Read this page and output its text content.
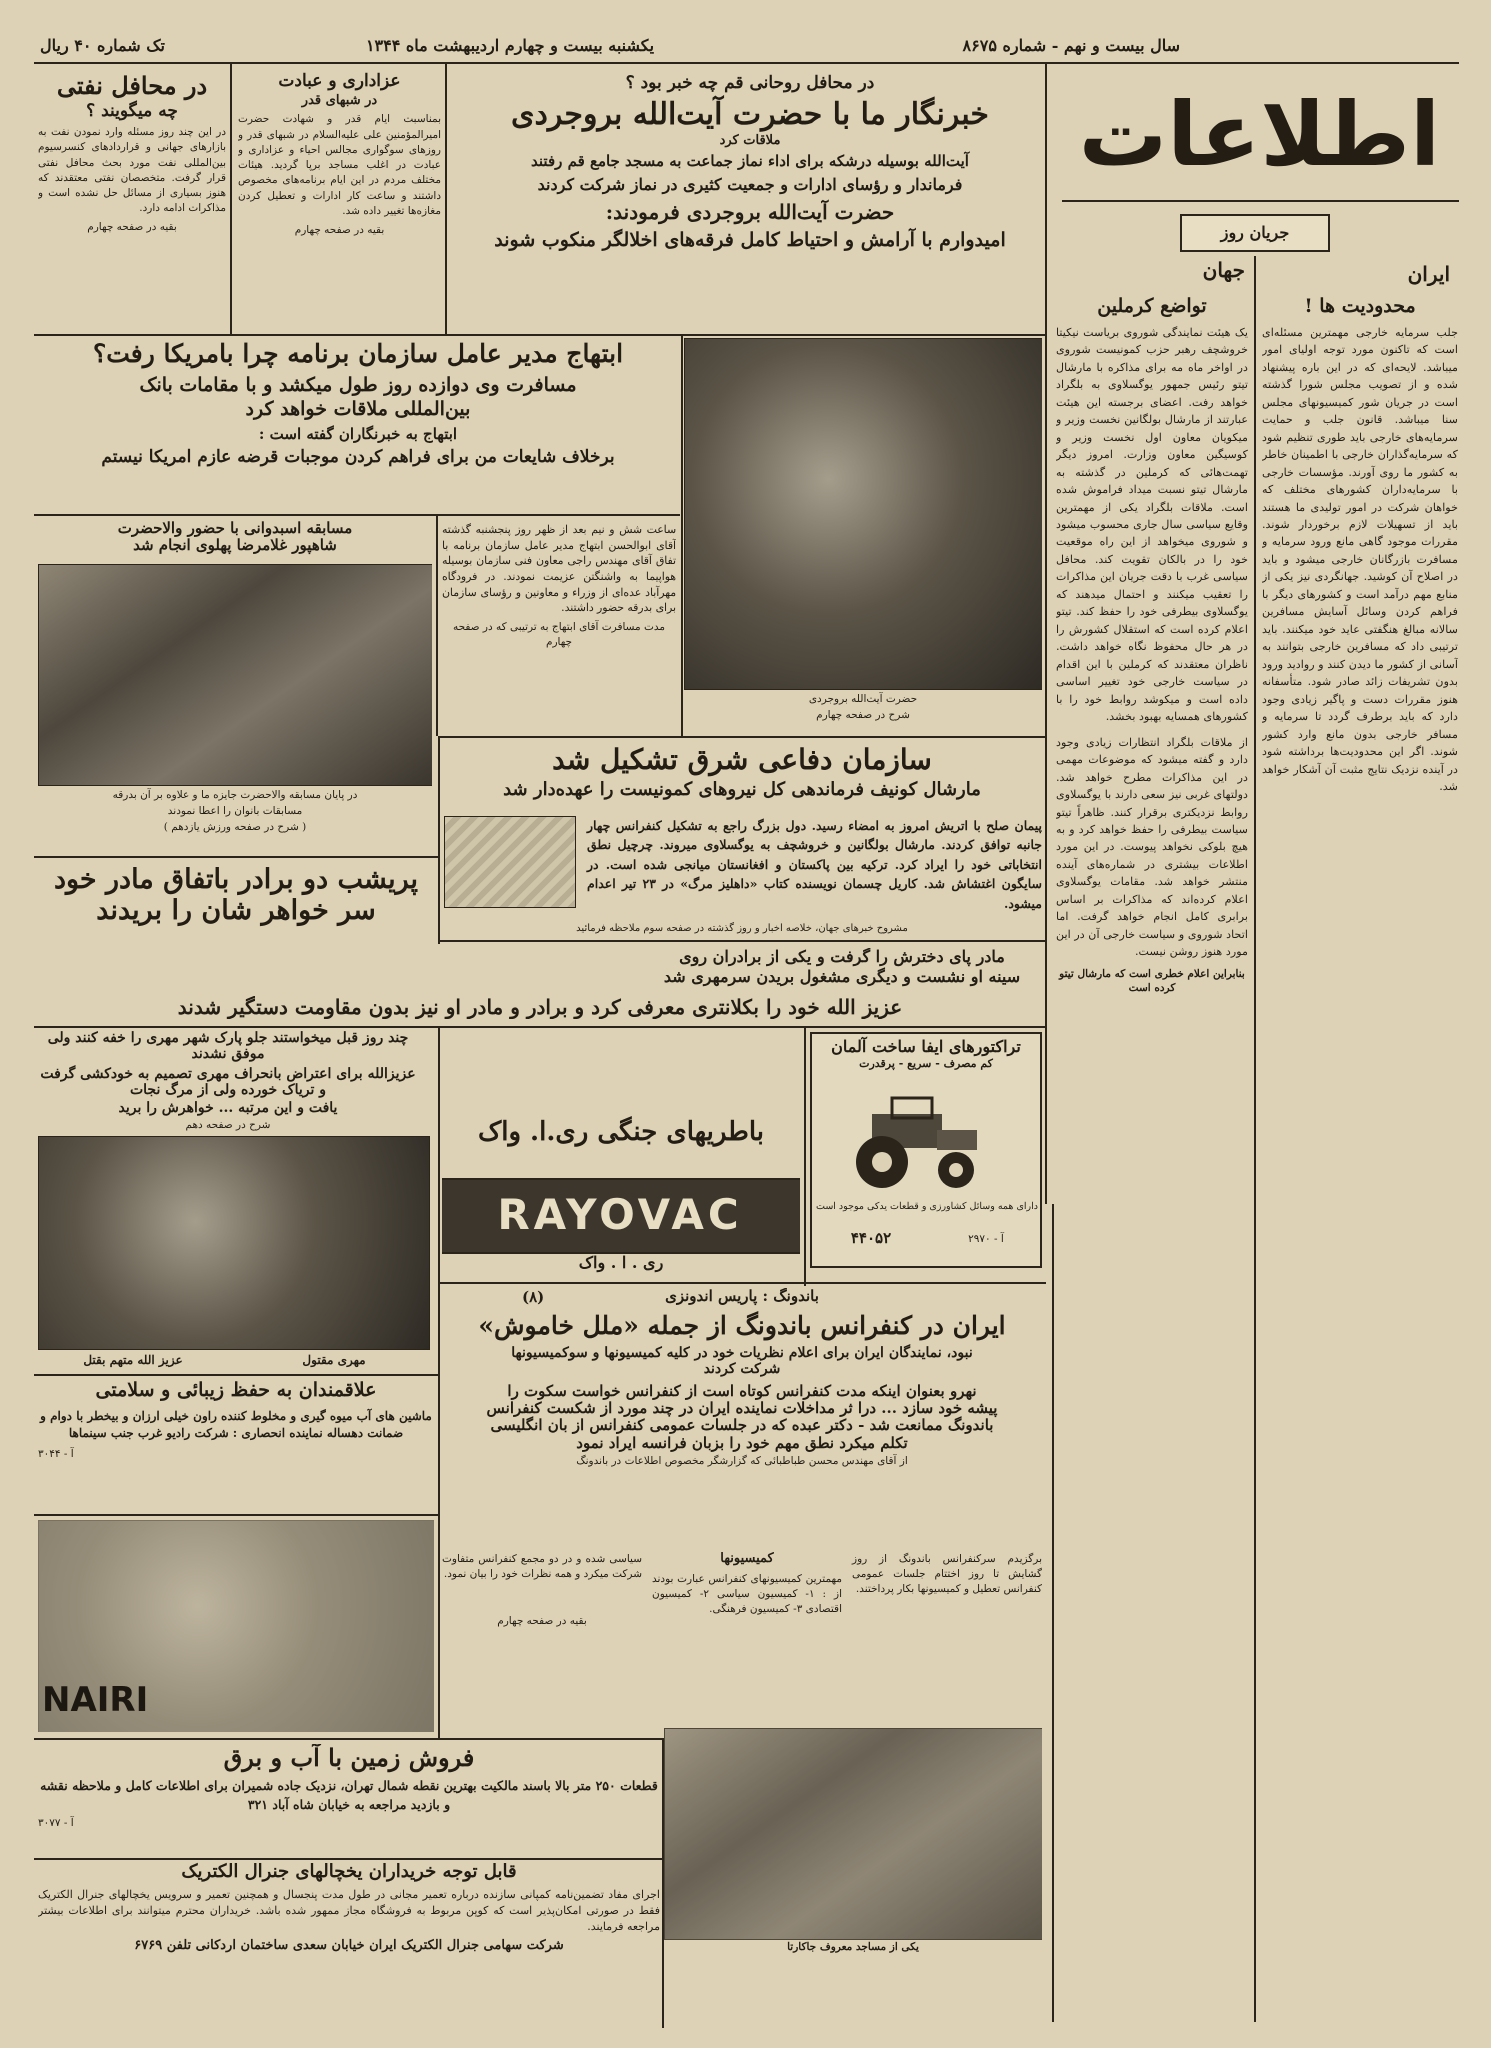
سال بیست و نهم - شماره ۸۶۷۵
یکشنبه بیست و چهارم اردیبهشت ماه ۱۳۴۴
تک شماره ۴۰ ریال
اطلاعات
جریان روز
ایران
جهان
در محافل روحانی قم چه خبر بود ؟
خبرنگار ما با حضرت آیت‌الله بروجردی
ملاقات کرد
آیت‌الله بوسیله درشکه برای اداء نماز جماعت به مسجد جامع قم رفتند
فرماندار و رؤسای ادارات و جمعیت کثیری در نماز شرکت کردند
حضرت آیت‌الله بروجردی فرمودند:
امیدوارم با آرامش و احتیاط کامل فرقه‌های اخلالگر منکوب شوند
عزاداری و عبادت
در شبهای قدر
بمناسبت ایام قدر و شهادت حضرت امیرالمؤمنین علی علیه‌السلام در شبهای قدر و روزهای سوگواری مجالس احیاء و عزاداری و عبادت در اغلب مساجد برپا گردید. هیئات مختلف مردم در این ایام برنامه‌های مخصوص داشتند و ساعت کار ادارات و تعطیل کردن مغازه‌ها تغییر داده شد.
بقیه در صفحه چهارم
در محافل نفتی
چه میگویند ؟
در این چند روز مسئله وارد نمودن نفت به بازارهای جهانی و قراردادهای کنسرسیوم بین‌المللی نفت مورد بحث محافل نفتی قرار گرفت. متخصصان نفتی معتقدند که هنوز بسیاری از مسائل حل نشده است و مذاکرات ادامه دارد.
بقیه در صفحه چهارم
حضرت آیت‌الله بروجردی
شرح در صفحه چهارم
ابتهاج مدیر عامل سازمان برنامه چرا بامریکا رفت؟
مسافرت وی دوازده روز طول میکشد و با مقامات بانک
بین‌المللی ملاقات خواهد کرد
ابتهاج به خبرنگاران گفته است :
برخلاف شایعات من برای فراهم کردن موجبات قرضه عازم امریکا نیستم
ساعت شش و نیم بعد از ظهر روز پنجشنبه گذشته آقای ابوالحسن ابتهاج مدیر عامل سازمان برنامه با تفاق آقای مهندس راجی معاون فنی سازمان بوسیله هواپیما به واشنگتن عزیمت نمودند. در فرودگاه مهرآباد عده‌ای از وزراء و معاونین و رؤسای سازمان برای بدرقه حضور داشتند.
مدت مسافرت آقای ابتهاج به ترتیبی که در صفحه چهارم
مسابقه اسبدوانی با حضور والاحضرت
شاهپور غلامرضا پهلوی انجام شد
در پایان مسابقه والاحضرت جایزه ما و علاوه بر آن بدرقه
مسابقات بانوان را اعطا نمودند
( شرح در صفحه ورزش یازدهم )
سازمان دفاعی شرق تشکیل شد
مارشال کونیف فرماندهی کل نیروهای کمونیست را عهده‌دار شد
پیمان صلح با اتریش امروز به امضاء رسید. دول بزرگ راجع به تشکیل کنفرانس چهار جانبه توافق کردند. مارشال بولگانین و خروشچف به یوگسلاوی میروند. چرچیل نطق انتخاباتی خود را ایراد کرد. ترکیه بین پاکستان و افغانستان میانجی شده است. در سایگون اغتشاش شد. کاریل چسمان نویسنده کتاب «داهلیز مرگ» در ۲۳ تیر اعدام میشود.
مشروح خبرهای جهان، خلاصه اخبار و روز گذشته در صفحه سوم ملاحظه فرمائید
پریشب دو برادر باتفاق مادر خود
سر خواهر شان را بریدند
مادر پای دخترش را گرفت و یکی از برادران روی
سینه او نشست و دیگری مشغول بریدن سرمهری شد
عزیز الله خود را بکلانتری معرفی کرد و برادر و مادر او نیز بدون مقاومت دستگیر شدند
چند روز قبل میخواستند جلو پارک شهر مهری را خفه کنند ولی موفق نشدند
عزیزالله برای اعتراض بانحراف مهری تصمیم به خودکشی گرفت و تریاک خورده ولی از مرگ نجات
یافت و این مرتبه ... خواهرش را برید
شرح در صفحه دهم
مهری مقتول
عزیز الله متهم بقتل
تراکتورهای ایفا ساخت آلمان
کم مصرف - سریع - پرقدرت
دارای همه وسائل کشاورزی و قطعات یدکی موجود است
۴۴۰۵۲	آ - ۲۹۷۰
باطریهای جنگی ری.ا. واک
RAYOVAC
ری . ا . واک
علاقمندان به حفظ زیبائی و سلامتی
ماشین های آب میوه گیری و مخلوط کننده راون خیلی ارزان و بیخطر با دوام و ضمانت دهساله نماینده انحصاری : شرکت رادیو غرب جنب سینماها
آ - ۳۰۴۴
NAIRI
باندونگ : پاریس اندونزی
(۸)
ایران در کنفرانس باندونگ از جمله «ملل خاموش»
نبود، نمایندگان ایران برای اعلام نظریات خود در کلیه کمیسیونها و سوکمیسیونها
شرکت کردند
نهرو بعنوان اینکه مدت کنفرانس کوتاه است از کنفرانس خواست سکوت را
پیشه خود سازد ... درا ثر مداخلات نماینده ایران در چند مورد از شکست کنفرانس
باندونگ ممانعت شد - دکتر عبده که در جلسات عمومی کنفرانس از بان انگلیسی
تکلم میکرد نطق مهم خود را بزبان فرانسه ایراد نمود
از آقای مهندس محسن طباطبائی که گزارشگر مخصوص اطلاعات در باندونگ
برگزیدم سرکنفرانس باندونگ از روز گشایش تا روز اختتام جلسات عمومی کنفرانس تعطیل و کمیسیونها بکار پرداختند.
کمیسیونها
مهمترین کمیسیونهای کنفرانس عبارت بودند از : ۱- کمیسیون سیاسی ۲- کمیسیون اقتصادی ۳- کمیسیون فرهنگی.
سیاسی شده و در دو مجمع کنفرانس متفاوت شرکت میکرد و همه نظرات خود را بیان نمود.
بقیه در صفحه چهارم
یکی از مساجد معروف جاکارتا
فروش زمین با آب و برق
قطعات ۲۵۰ متر بالا باسند مالکیت بهترین نقطه شمال تهران، نزدیک جاده شمیران برای اطلاعات کامل و ملاحظه نقشه و بازدید مراجعه به خیابان شاه آباد ۳۲۱
آ - ۳۰۷۷
قابل توجه خریداران یخچالهای جنرال الکتریک
اجرای مفاد تضمین‌نامه کمپانی سازنده درباره تعمیر مجانی در طول مدت پنجسال و همچنین تعمیر و سرویس یخچالهای جنرال الکتریک فقط در صورتی امکان‌پذیر است که کوپن مربوط به فروشگاه مجاز ممهور شده باشد. خریداران محترم میتوانند برای اطلاعات بیشتر مراجعه فرمایند.
شرکت سهامی جنرال الکتریک ایران خیابان سعدی ساختمان اردکانی تلفن ۶۷۶۹
محدودیت ها !
جلب سرمایه خارجی مهمترین مسئله‌ای است که تاکنون مورد توجه اولیای امور میباشد. لایحه‌ای که در این باره پیشنهاد شده و از تصویب مجلس شورا گذشته است در جریان شور کمیسیونهای مجلس سنا میباشد. قانون جلب و حمایت سرمایه‌های خارجی باید طوری تنظیم شود که سرمایه‌گذاران خارجی با اطمینان خاطر به کشور ما روی آورند. مؤسسات خارجی با سرمایه‌داران کشورهای مختلف که خواهان شرکت در امور تولیدی ما هستند باید از تسهیلات لازم برخوردار شوند. مقررات موجود گاهی مانع ورود سرمایه و مسافرت بازرگانان خارجی میشود و باید در اصلاح آن کوشید. جهانگردی نیز یکی از منابع مهم درآمد است و کشورهای دیگر با فراهم کردن وسائل آسایش مسافرین سالانه مبالغ هنگفتی عاید خود میکنند. باید ترتیبی داد که مسافرین خارجی بتوانند به آسانی از کشور ما دیدن کنند و روادید ورود بدون تشریفات زائد صادر شود. متأسفانه هنوز مقررات دست و پاگیر زیادی وجود دارد که باید برطرف گردد تا سرمایه و مسافر خارجی بدون مانع وارد کشور شوند. اگر این محدودیت‌ها برداشته شود در آینده نزدیک نتایج مثبت آن آشکار خواهد شد.
تواضع کرملین
یک هیئت نمایندگی شوروی بریاست نیکیتا خروشچف رهبر حزب کمونیست شوروی در اواخر ماه مه برای مذاکره با مارشال تیتو رئیس جمهور یوگسلاوی به بلگراد خواهد رفت. اعضای برجسته این هیئت عبارتند از مارشال بولگانین نخست وزیر و میکویان معاون اول نخست وزیر و کوسیگین معاون وزارت. امروز دیگر تهمت‌هائی که کرملین در گذشته به مارشال تیتو نسبت میداد فراموش شده است. ملاقات بلگراد یکی از مهمترین وقایع سیاسی سال جاری محسوب میشود و شوروی میخواهد از این راه موقعیت خود را در بالکان تقویت کند. محافل سیاسی غرب با دقت جریان این مذاکرات را تعقیب میکنند و احتمال میدهند که یوگسلاوی بیطرفی خود را حفظ کند. تیتو اعلام کرده است که استقلال کشورش را در هر حال محفوظ نگاه خواهد داشت. ناظران معتقدند که کرملین با این اقدام در سیاست خارجی خود تغییر اساسی داده است و میکوشد روابط خود را با کشورهای همسایه بهبود بخشد.
از ملاقات بلگراد انتظارات زیادی وجود دارد و گفته میشود که موضوعات مهمی در این مذاکرات مطرح خواهد شد. دولتهای غربی نیز سعی دارند با یوگسلاوی روابط نزدیکتری برقرار کنند. ظاهراً تیتو سیاست بیطرفی را حفظ خواهد کرد و به هیچ بلوکی نخواهد پیوست. در این مورد اطلاعات بیشتری در شماره‌های آینده منتشر خواهد شد. مقامات یوگسلاوی اعلام کرده‌اند که مذاکرات بر اساس برابری کامل انجام خواهد گرفت. اما اتحاد شوروی و سیاست خارجی آن در این مورد هنوز روشن نیست.
بنابراین اعلام خطری است که مارشال تیتو کرده است
